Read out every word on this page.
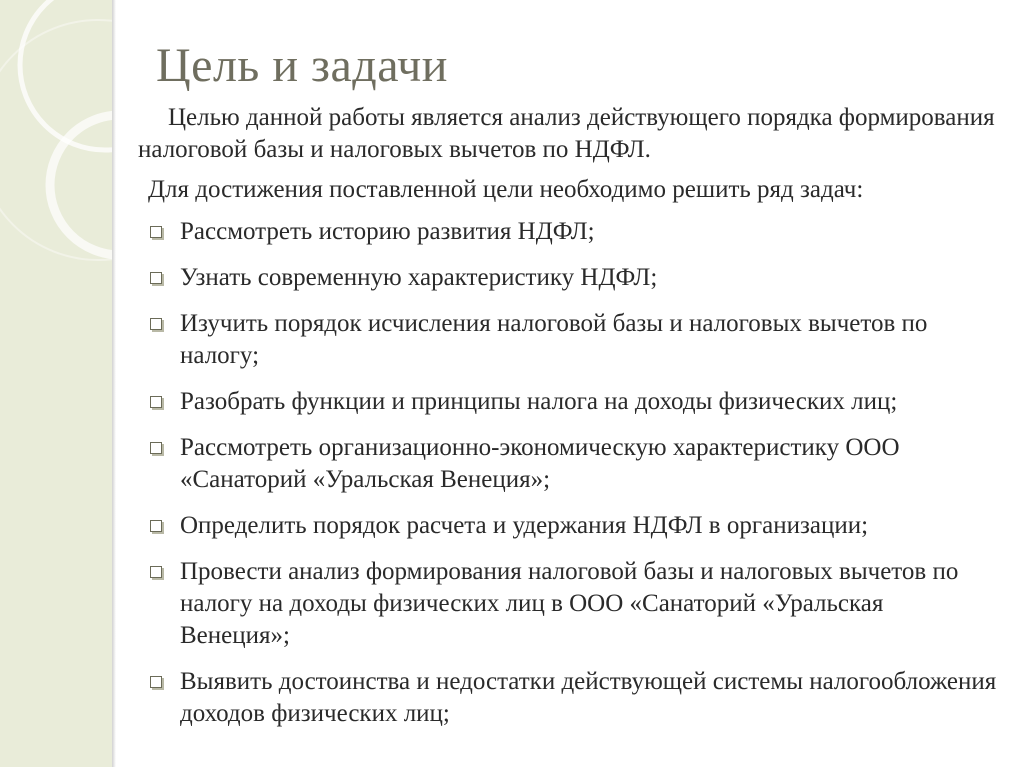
Цель и задачи

Целью данной работы является анализ действующего порядка формирования налоговой базы и налоговых вычетов по НДФЛ.

Для достижения поставленной цели необходимо решить ряд задач:

Рассмотреть историю развития НДФЛ;
Узнать современную характеристику НДФЛ;
Изучить порядок исчисления налоговой базы и налоговых вычетов по налогу;
Разобрать функции и принципы налога на доходы физических лиц;
Рассмотреть организационно-экономическую характеристику ООО «Санаторий «Уральская Венеция»;
Определить порядок расчета и удержания НДФЛ в организации;
Провести анализ формирования налоговой базы и налоговых вычетов по налогу на доходы физических лиц в ООО «Санаторий «Уральская Венеция»;
Выявить достоинства и недостатки действующей системы налогообложения доходов физических лиц;
